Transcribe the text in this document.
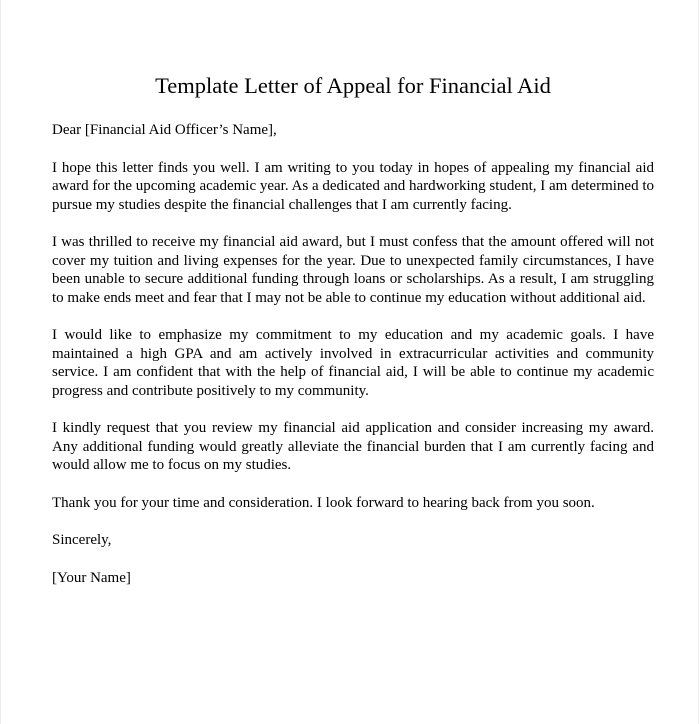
Template Letter of Appeal for Financial Aid

Dear [Financial Aid Officer’s Name],

I hope this letter finds you well. I am writing to you today in hopes of appealing my financial aid award for the upcoming academic year. As a dedicated and hardworking student, I am determined to pursue my studies despite the financial challenges that I am currently facing.

I was thrilled to receive my financial aid award, but I must confess that the amount offered will not cover my tuition and living expenses for the year. Due to unexpected family circumstances, I have been unable to secure additional funding through loans or scholarships. As a result, I am struggling to make ends meet and fear that I may not be able to continue my education without additional aid.

I would like to emphasize my commitment to my education and my academic goals. I have maintained a high GPA and am actively involved in extracurricular activities and community service. I am confident that with the help of financial aid, I will be able to continue my academic progress and contribute positively to my community.

I kindly request that you review my financial aid application and consider increasing my award. Any additional funding would greatly alleviate the financial burden that I am currently facing and would allow me to focus on my studies.

Thank you for your time and consideration. I look forward to hearing back from you soon.

Sincerely,

[Your Name]
